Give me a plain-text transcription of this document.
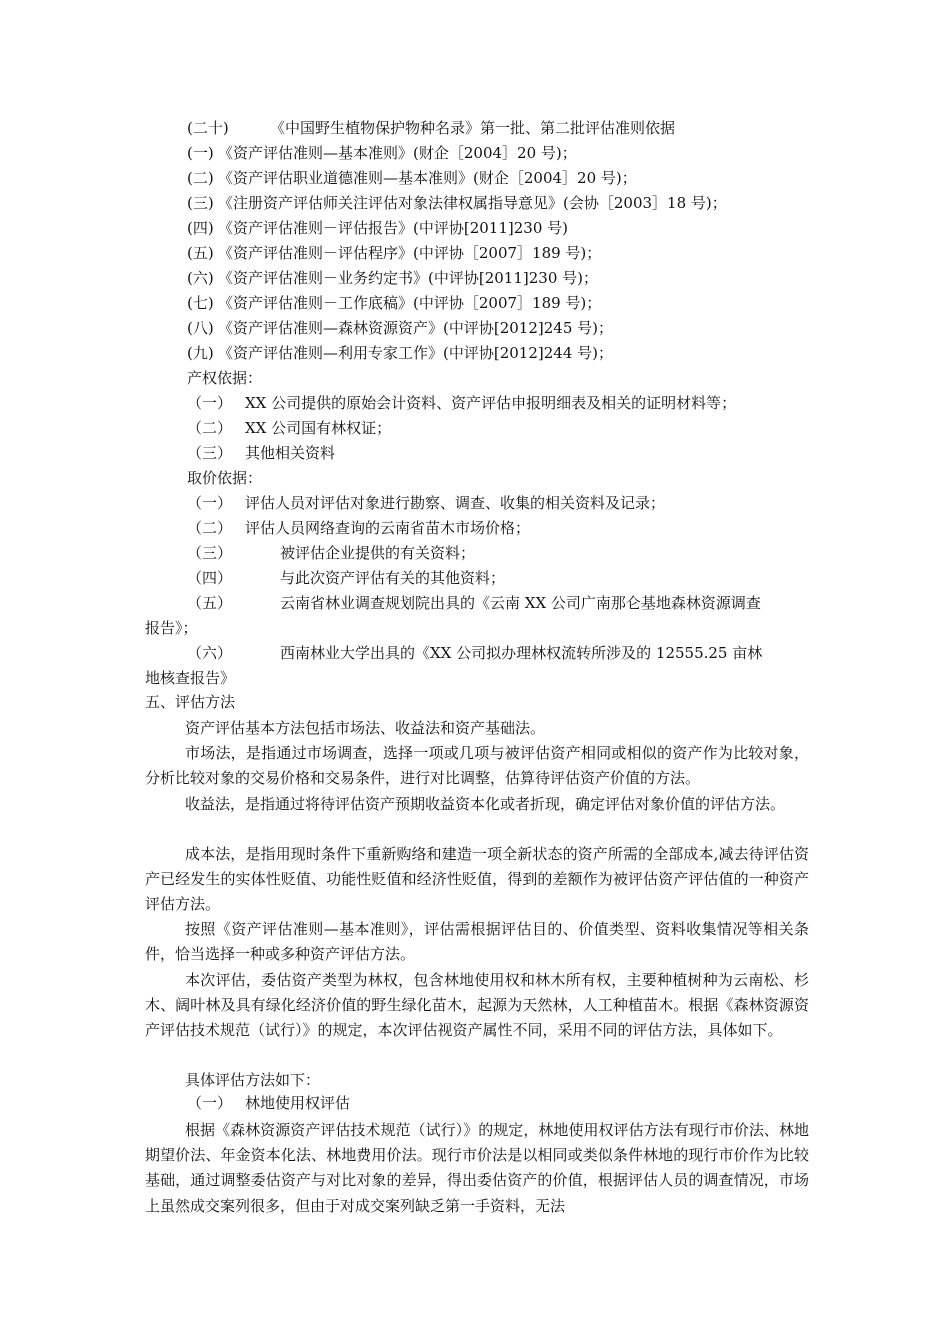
(二十)	《中国野生植物保护物种名录》第一批、第二批评估准则依据
(一) 《资产评估准则—基本准则》(财企［2004］20 号)；
(二) 《资产评估职业道德准则—基本准则》(财企［2004］20 号)；
(三) 《注册资产评估师关注评估对象法律权属指导意见》(会协［2003］18 号)；
(四) 《资产评估准则－评估报告》(中评协[2011]230 号)
(五) 《资产评估准则－评估程序》(中评协［2007］189 号)；
(六) 《资产评估准则－业务约定书》(中评协[2011]230 号)；
(七) 《资产评估准则－工作底稿》(中评协［2007］189 号)；
(八) 《资产评估准则—森林资源资产》(中评协[2012]245 号)；
(九) 《资产评估准则—利用专家工作》(中评协[2012]244 号)；
产权依据：
（一） XX 公司提供的原始会计资料、资产评估申报明细表及相关的证明材料等；
（二） XX 公司国有林权证；
（三） 其他相关资料
取价依据：
（一） 评估人员对评估对象进行勘察、调查、收集的相关资料及记录；
（二） 评估人员网络查询的云南省苗木市场价格；
（三）	被评估企业提供的有关资料；
（四）	与此次资产评估有关的其他资料；
（五）	云南省林业调查规划院出具的《云南 XX 公司广南那仑基地森林资源调查
报告》；
（六）	西南林业大学出具的《XX 公司拟办理林权流转所涉及的 12555.25 亩林
地核查报告》
五、评估方法
资产评估基本方法包括市场法、收益法和资产基础法。
市场法，是指通过市场调查，选择一项或几项与被评估资产相同或相似的资产作为比较对象，分析比较对象的交易价格和交易条件，进行对比调整，估算待评估资产价值的方法。
收益法，是指通过将待评估资产预期收益资本化或者折现，确定评估对象价值的评估方法。
成本法，是指用现时条件下重新购络和建造一项全新状态的资产所需的全部成本,减去待评估资产已经发生的实体性贬值、功能性贬值和经济性贬值，得到的差额作为被评估资产评估值的一种资产评估方法。
按照《资产评估准则—基本准则》，评估需根据评估目的、价值类型、资料收集情况等相关条件，恰当选择一种或多种资产评估方法。
本次评估，委估资产类型为林权，包含林地使用权和林木所有权，主要种植树种为云南松、杉木、阔叶林及具有绿化经济价值的野生绿化苗木，起源为天然林，人工种植苗木。根据《森林资源资产评估技术规范（试行）》的规定，本次评估视资产属性不同，采用不同的评估方法，具体如下。
具体评估方法如下：
（一） 林地使用权评估
根据《森林资源资产评估技术规范（试行）》的规定，林地使用权评估方法有现行市价法、林地期望价法、年金资本化法、林地费用价法。现行市价法是以相同或类似条件林地的现行市价作为比较基础，通过调整委估资产与对比对象的差异，得出委估资产的价值，根据评估人员的调查情况，市场上虽然成交案列很多，但由于对成交案列缺乏第一手资料，无法
